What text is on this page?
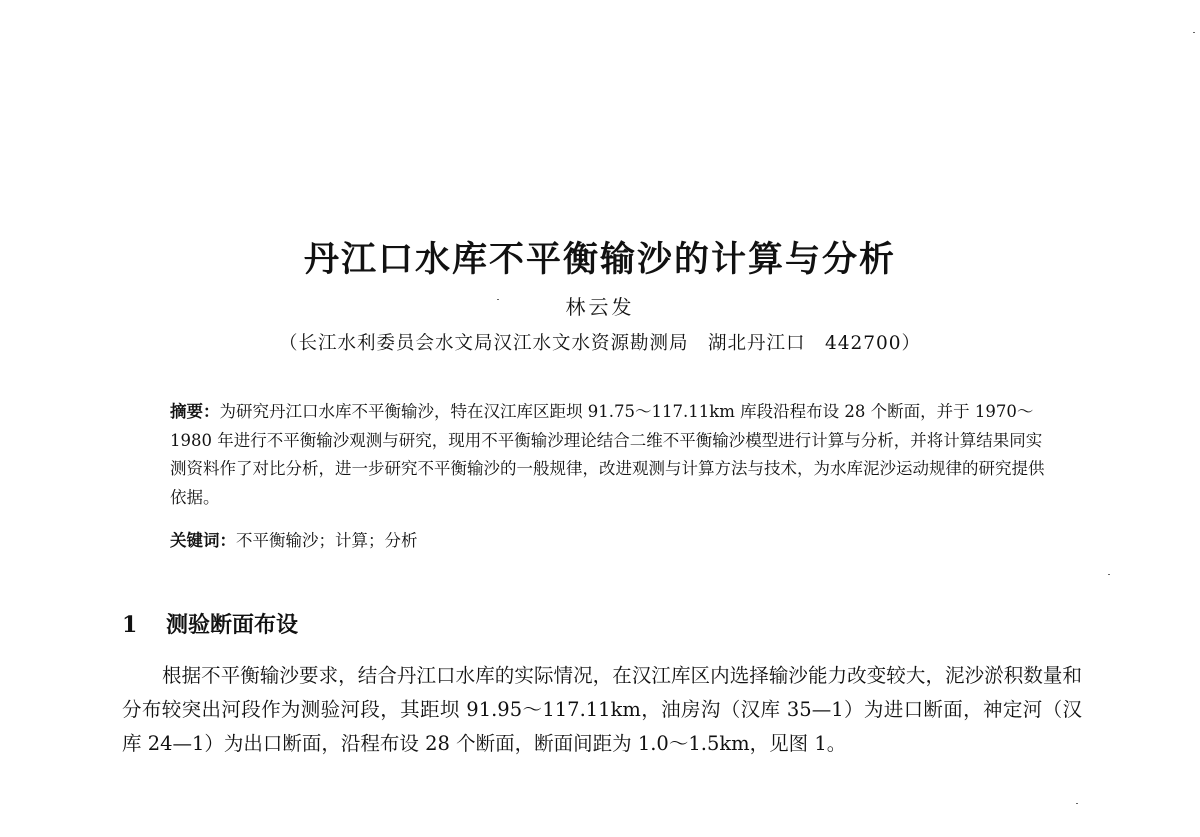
丹江口水库不平衡输沙的计算与分析
林云发
（长江水利委员会水文局汉江水文水资源勘测局　湖北丹江口　442700）

摘要：为研究丹江口水库不平衡输沙，特在汉江库区距坝 91.75～117.11km 库段沿程布设 28 个断面，并于 1970～1980 年进行不平衡输沙观测与研究，现用不平衡输沙理论结合二维不平衡输沙模型进行计算与分析，并将计算结果同实测资料作了对比分析，进一步研究不平衡输沙的一般规律，改进观测与计算方法与技术，为水库泥沙运动规律的研究提供依据。

关键词：不平衡输沙；计算；分析
1 测验断面布设

根据不平衡输沙要求，结合丹江口水库的实际情况，在汉江库区内选择输沙能力改变较大，泥沙淤积数量和分布较突出河段作为测验河段，其距坝 91.95～117.11km，油房沟（汉库 35—1）为进口断面，神定河（汉库 24—1）为出口断面，沿程布设 28 个断面，断面间距为 1.0～1.5km，见图 1。
